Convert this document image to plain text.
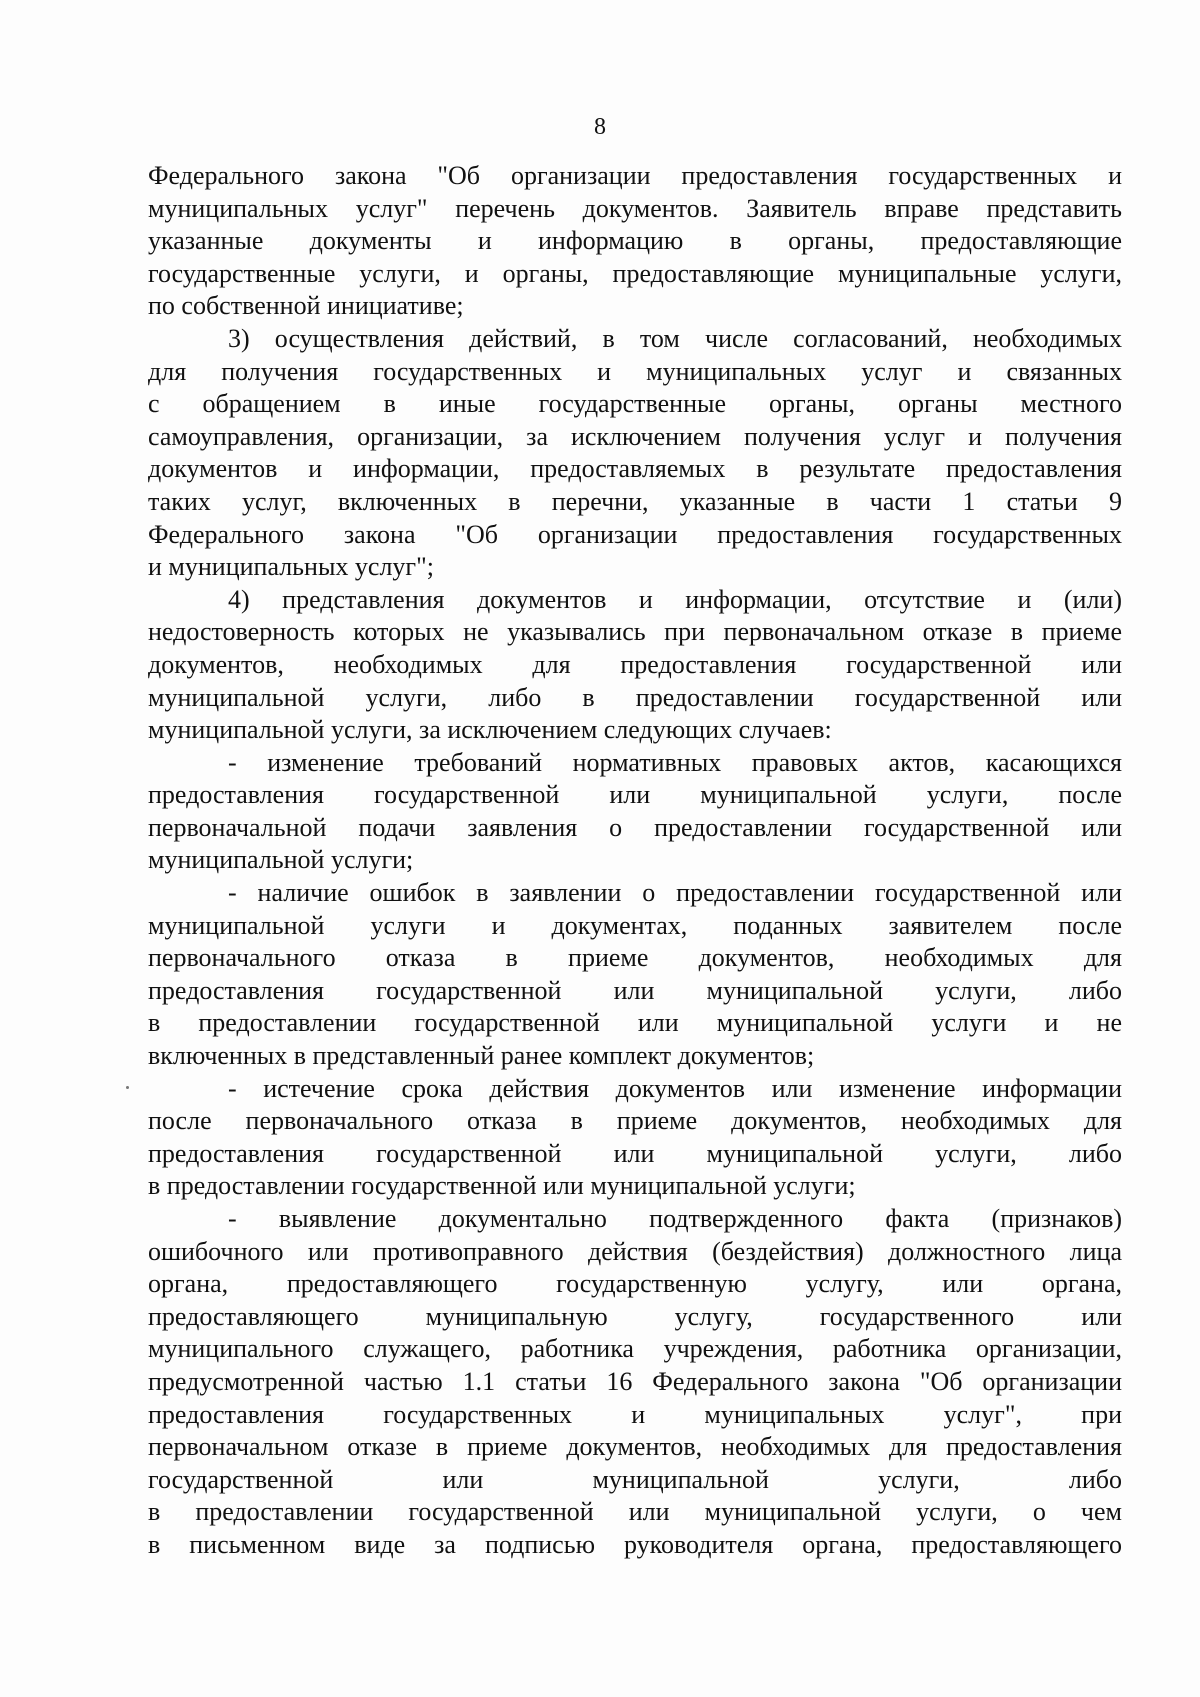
8
Федерального закона "Об организации предоставления государственных и
муниципальных услуг" перечень документов. Заявитель вправе представить
указанные документы и информацию в органы, предоставляющие
государственные услуги, и органы, предоставляющие муниципальные услуги,
по собственной инициативе;
3) осуществления действий, в том числе согласований, необходимых
для получения государственных и муниципальных услуг и связанных
с обращением в иные государственные органы, органы местного
самоуправления, организации, за исключением получения услуг и получения
документов и информации, предоставляемых в результате предоставления
таких услуг, включенных в перечни, указанные в части 1 статьи 9
Федерального закона "Об организации предоставления государственных
и муниципальных услуг";
4) представления документов и информации, отсутствие и (или)
недостоверность которых не указывались при первоначальном отказе в приеме
документов, необходимых для предоставления государственной или
муниципальной услуги, либо в предоставлении государственной или
муниципальной услуги, за исключением следующих случаев:
- изменение требований нормативных правовых актов, касающихся
предоставления государственной или муниципальной услуги, после
первоначальной подачи заявления о предоставлении государственной или
муниципальной услуги;
- наличие ошибок в заявлении о предоставлении государственной или
муниципальной услуги и документах, поданных заявителем после
первоначального отказа в приеме документов, необходимых для
предоставления государственной или муниципальной услуги, либо
в предоставлении государственной или муниципальной услуги и не
включенных в представленный ранее комплект документов;
- истечение срока действия документов или изменение информации
после первоначального отказа в приеме документов, необходимых для
предоставления государственной или муниципальной услуги, либо
в предоставлении государственной или муниципальной услуги;
- выявление документально подтвержденного факта (признаков)
ошибочного или противоправного действия (бездействия) должностного лица
органа, предоставляющего государственную услугу, или органа,
предоставляющего муниципальную услугу, государственного или
муниципального служащего, работника учреждения, работника организации,
предусмотренной частью 1.1 статьи 16 Федерального закона "Об организации
предоставления государственных и муниципальных услуг", при
первоначальном отказе в приеме документов, необходимых для предоставления
государственной или муниципальной услуги, либо
в предоставлении государственной или муниципальной услуги, о чем
в письменном виде за подписью руководителя органа, предоставляющего
